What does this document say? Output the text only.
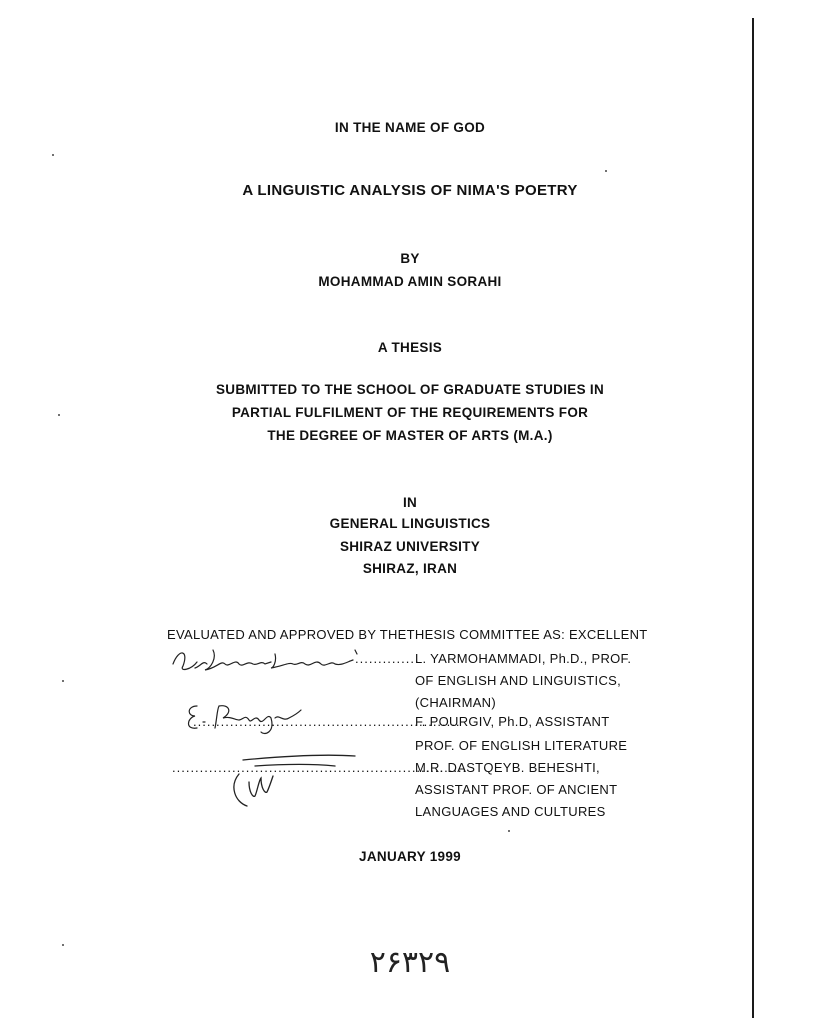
IN THE NAME OF GOD
A LINGUISTIC ANALYSIS OF NIMA'S POETRY
BY
MOHAMMAD AMIN SORAHI
A THESIS
SUBMITTED TO THE SCHOOL OF GRADUATE STUDIES IN
PARTIAL FULFILMENT OF THE REQUIREMENTS FOR
THE DEGREE OF MASTER OF ARTS (M.A.)
IN
GENERAL LINGUISTICS
SHIRAZ UNIVERSITY
SHIRAZ, IRAN
EVALUATED AND APPROVED BY THETHESIS COMMITTEE AS: EXCELLENT
..............
L. YARMOHAMMADI, Ph.D., PROF.
OF ENGLISH AND LINGUISTICS,
(CHAIRMAN)
..........................................................
F. POURGIV, Ph.D, ASSISTANT
PROF. OF ENGLISH LITERATURE
................................................................
M.R. DASTQEYB. BEHESHTI,
ASSISTANT PROF. OF ANCIENT
LANGUAGES AND CULTURES
JANUARY 1999
۲۶۳۲۹
